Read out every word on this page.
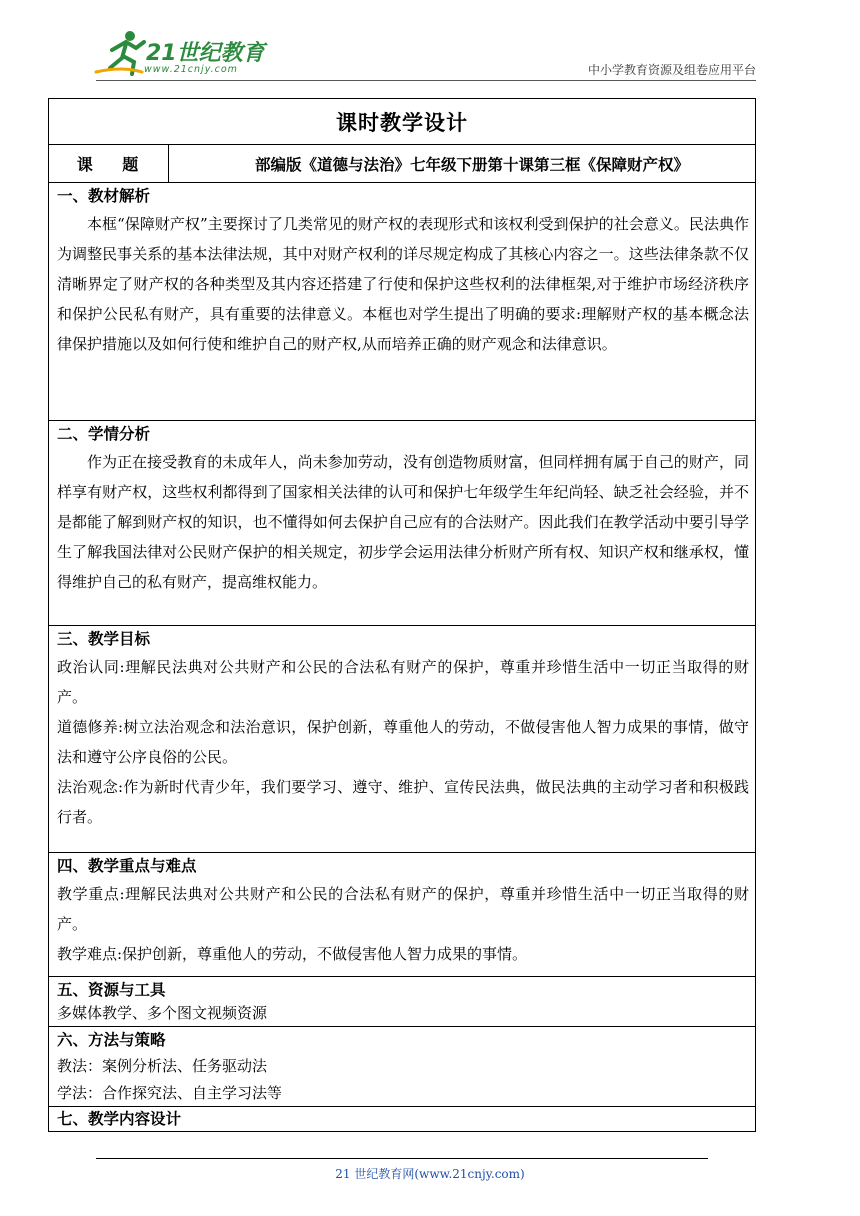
21世纪教育
www.21cnjy.com	中小学教育资源及组卷应用平台
课时教学设计
课 题	部编版《道德与法治》七年级下册第十课第三框《保障财产权》
一、教材解析

本框“保障财产权”主要探讨了几类常见的财产权的表现形式和该权利受到保护的社会意义。民法典作为调整民事关系的基本法律法规，其中对财产权利的详尽规定构成了其核心内容之一。这些法律条款不仅清晰界定了财产权的各种类型及其内容还搭建了行使和保护这些权利的法律框架,对于维护市场经济秩序和保护公民私有财产，具有重要的法律意义。本框也对学生提出了明确的要求:理解财产权的基本概念法律保护措施以及如何行使和维护自己的财产权,从而培养正确的财产观念和法律意识。

二、学情分析

作为正在接受教育的未成年人，尚未参加劳动，没有创造物质财富，但同样拥有属于自己的财产，同样享有财产权，这些权利都得到了国家相关法律的认可和保护七年级学生年纪尚轻、缺乏社会经验，并不是都能了解到财产权的知识，也不懂得如何去保护自己应有的合法财产。因此我们在教学活动中要引导学生了解我国法律对公民财产保护的相关规定，初步学会运用法律分析财产所有权、知识产权和继承权，懂得维护自己的私有财产，提高维权能力。

三、教学目标

政治认同:理解民法典对公共财产和公民的合法私有财产的保护，尊重并珍惜生活中一切正当取得的财产。

道德修养:树立法治观念和法治意识，保护创新，尊重他人的劳动，不做侵害他人智力成果的事情，做守法和遵守公序良俗的公民。

法治观念:作为新时代青少年，我们要学习、遵守、维护、宣传民法典，做民法典的主动学习者和积极践行者。

四、教学重点与难点

教学重点:理解民法典对公共财产和公民的合法私有财产的保护，尊重并珍惜生活中一切正当取得的财产。

教学难点:保护创新，尊重他人的劳动，不做侵害他人智力成果的事情。

五、资源与工具

多媒体教学、多个图文视频资源

六、方法与策略

教法：案例分析法、任务驱动法

学法：合作探究法、自主学习法等

七、教学内容设计
21 世纪教育网(www.21cnjy.com)
